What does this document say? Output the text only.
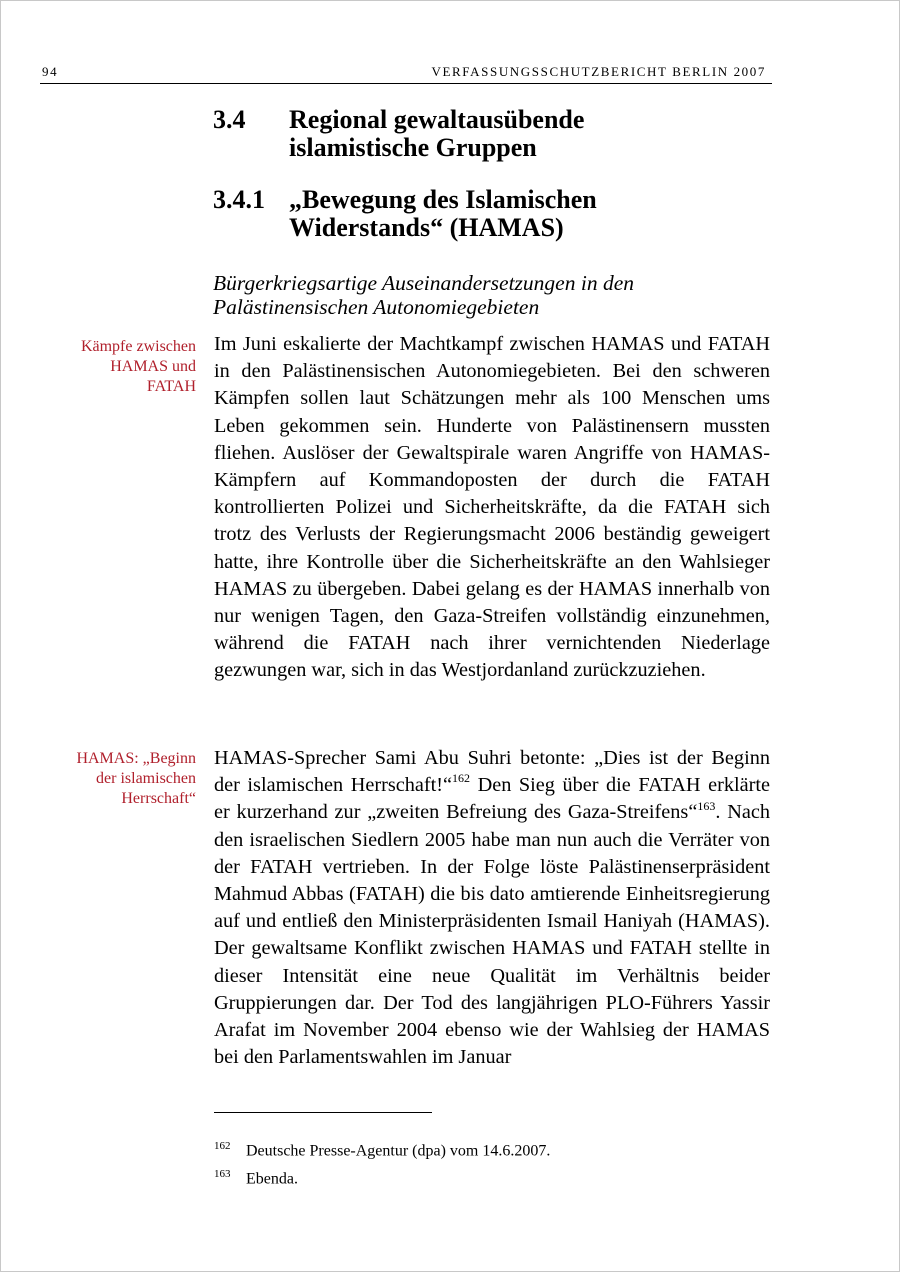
94	VERFASSUNGSSCHUTZBERICHT BERLIN 2007
3.4 Regional gewaltausübende
islamistische Gruppen
3.4.1 „Bewegung des Islamischen
Widerstands“ (HAMAS)
Bürgerkriegsartige Auseinandersetzungen in den
Palästinensischen Autonomiegebieten
Kämpfe zwischen
HAMAS und
FATAH
HAMAS: „Beginn
der islamischen
Herrschaft“
Im Juni eskalierte der Machtkampf zwischen HAMAS und FATAH in den Palästinensischen Autonomiegebieten. Bei den schweren Kämpfen sollen laut Schätzungen mehr als 100 Menschen ums Leben gekommen sein. Hunderte von Palästinensern mussten fliehen. Auslöser der Gewaltspirale waren Angriffe von HAMAS-Kämpfern auf Kommandoposten der durch die FATAH kontrollierten Polizei und Sicherheitskräfte, da die FATAH sich trotz des Verlusts der Regierungsmacht 2006 beständig geweigert hatte, ihre Kontrolle über die Sicherheitskräfte an den Wahlsieger HAMAS zu übergeben. Dabei gelang es der HAMAS innerhalb von nur wenigen Tagen, den Gaza-Streifen vollständig einzunehmen, während die FATAH nach ihrer vernichtenden Niederlage gezwungen war, sich in das Westjordanland zurückzuziehen.
HAMAS-Sprecher Sami Abu Suhri betonte: „Dies ist der Beginn der islamischen Herrschaft!“$^{162}$ Den Sieg über die FATAH erklärte er kurzerhand zur „zweiten Befreiung des Gaza-Streifens“$^{163}$. Nach den israelischen Siedlern 2005 habe man nun auch die Verräter von der FATAH vertrieben. In der Folge löste Palästinenserpräsident Mahmud Abbas (FATAH) die bis dato amtierende Einheitsregierung auf und entließ den Ministerpräsidenten Ismail Haniyah (HAMAS). Der gewaltsame Konflikt zwischen HAMAS und FATAH stellte in dieser Intensität eine neue Qualität im Verhältnis beider Gruppierungen dar. Der Tod des langjährigen PLO-Führers Yassir Arafat im November 2004 ebenso wie der Wahlsieg der HAMAS bei den Parlamentswahlen im Januar
162 Deutsche Presse-Agentur (dpa) vom 14.6.2007.
163 Ebenda.
